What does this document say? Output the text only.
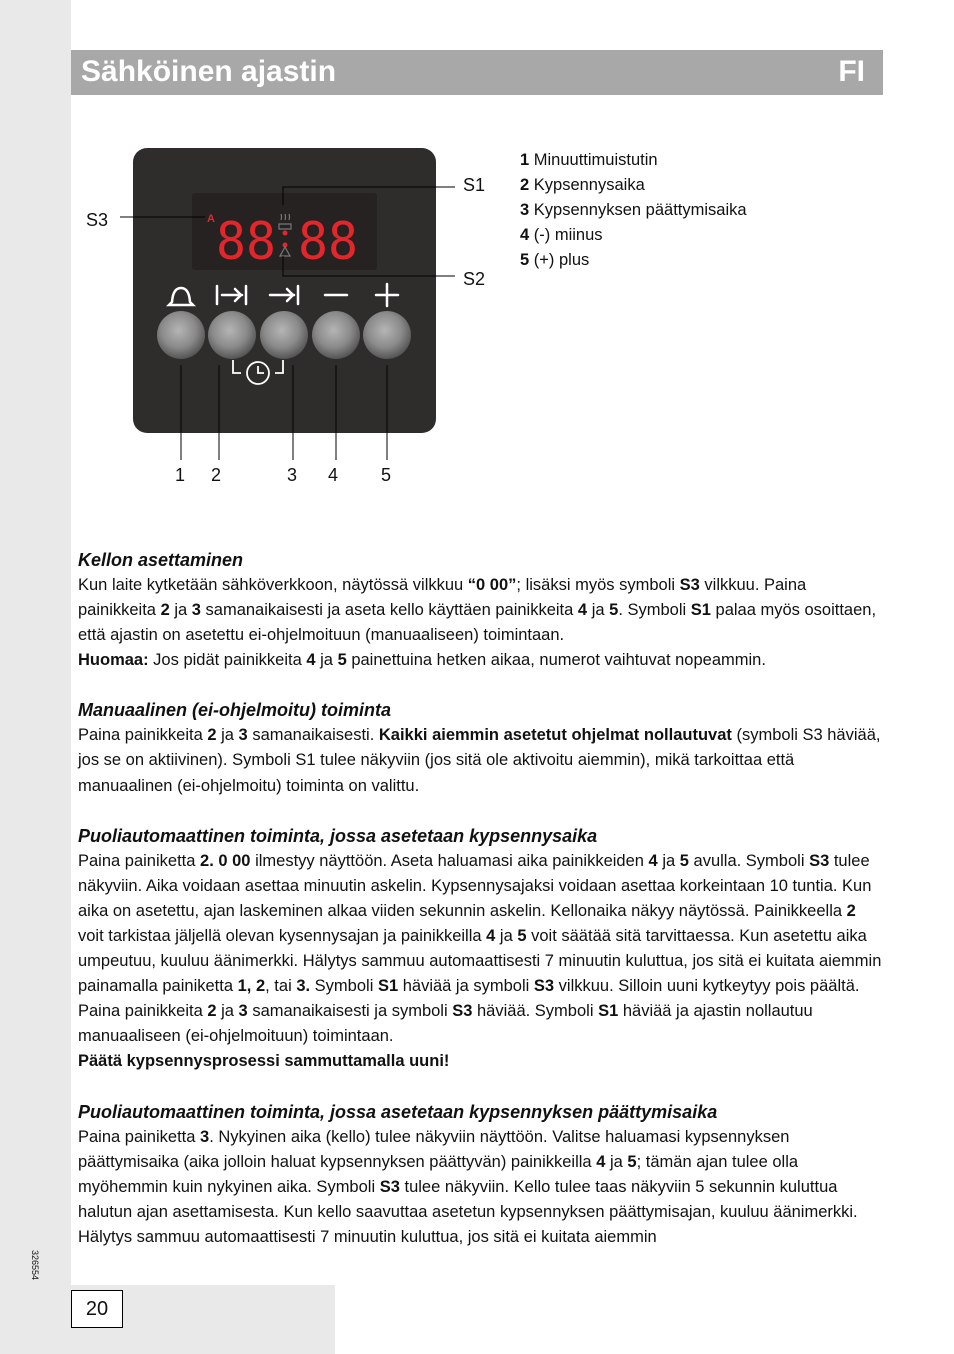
Sähköinen ajastin	FI
A 88 88
S3
S1
S2
1 2	3 4 5
1 Minuuttimuistutin
2 Kypsennysaika
3 Kypsennyksen päättymisaika
4 (-) miinus
5 (+) plus
Kellon asettaminen

Kun laite kytketään sähköverkkoon, näytössä vilkkuu “0 00”; lisäksi myös symboli S3 vilkkuu. Paina painikkeita 2 ja 3 samanaikaisesti ja aseta kello käyttäen painikkeita 4 ja 5. Symboli S1 palaa myös osoittaen, että ajastin on asetettu ei-ohjelmoituun (manuaaliseen) toimintaan.

Huomaa: Jos pidät painikkeita 4 ja 5 painettuina hetken aikaa, numerot vaihtuvat nopeammin.

Manuaalinen (ei-ohjelmoitu) toiminta

Paina painikkeita 2 ja 3 samanaikaisesti. Kaikki aiemmin asetetut ohjelmat nollautuvat (symboli S3 häviää, jos se on aktiivinen). Symboli S1 tulee näkyviin (jos sitä ole aktivoitu aiemmin), mikä tarkoittaa että manuaalinen (ei-ohjelmoitu) toiminta on valittu.

Puoliautomaattinen toiminta, jossa asetetaan kypsennysaika

Paina painiketta 2. 0 00 ilmestyy näyttöön. Aseta haluamasi aika painikkeiden 4 ja 5 avulla. Symboli S3 tulee näkyviin. Aika voidaan asettaa minuutin askelin. Kypsennysajaksi voidaan asettaa korkeintaan 10 tuntia. Kun aika on asetettu, ajan laskeminen alkaa viiden sekunnin askelin. Kellonaika näkyy näytössä. Painikkeella 2 voit tarkistaa jäljellä olevan kysennysajan ja painikkeilla 4 ja 5 voit säätää sitä tarvittaessa. Kun asetettu aika umpeutuu, kuuluu äänimerkki. Hälytys sammuu automaattisesti 7 minuutin kuluttua, jos sitä ei kuitata aiemmin painamalla painiketta 1, 2, tai 3. Symboli S1 häviää ja symboli S3 vilkkuu. Silloin uuni kytkeytyy pois päältä. Paina painikkeita 2 ja 3 samanaikaisesti ja symboli S3 häviää. Symboli S1 häviää ja ajastin nollautuu manuaaliseen (ei-ohjelmoituun) toimintaan.

Päätä kypsennysprosessi sammuttamalla uuni!

Puoliautomaattinen toiminta, jossa asetetaan kypsennyksen päättymisaika

Paina painiketta 3. Nykyinen aika (kello) tulee näkyviin näyttöön. Valitse haluamasi kypsennyksen päättymisaika (aika jolloin haluat kypsennyksen päättyvän) painikkeilla 4 ja 5; tämän ajan tulee olla myöhemmin kuin nykyinen aika. Symboli S3 tulee näkyviin. Kello tulee taas näkyviin 5 sekunnin kuluttua halutun ajan asettamisesta. Kun kello saavuttaa asetetun kypsennyksen päättymisajan, kuuluu äänimerkki. Hälytys sammuu automaattisesti 7 minuutin kuluttua, jos sitä ei kuitata aiemmin

326554
20
